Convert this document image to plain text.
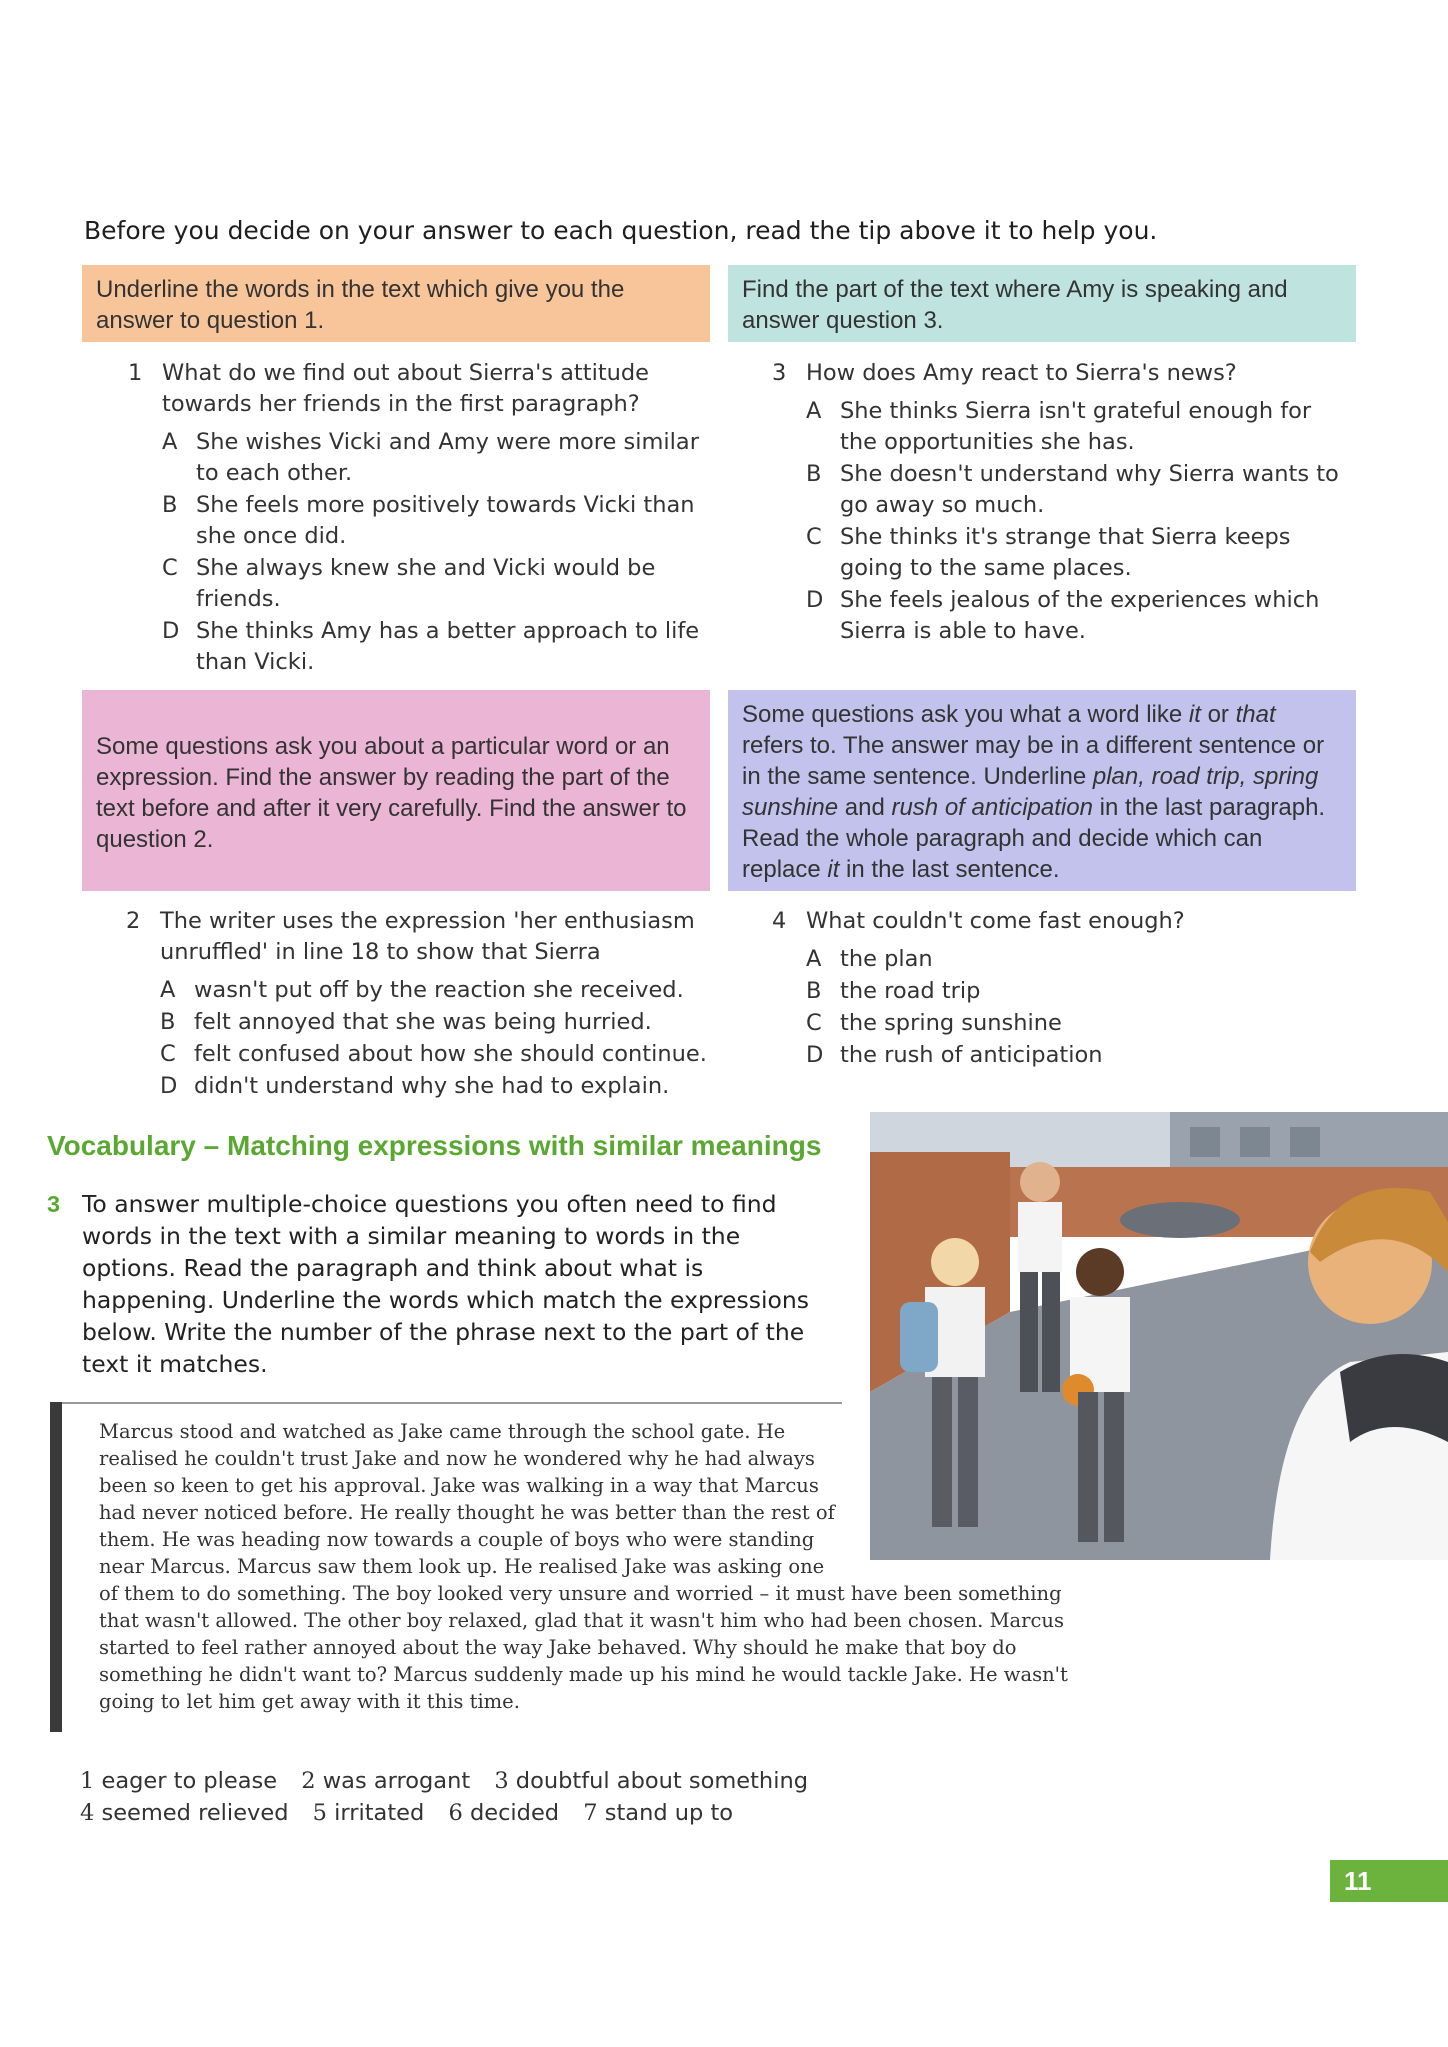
Before you decide on your answer to each question, read the tip above it to help you.
Underline the words in the text which give you the answer to question 1.
Find the part of the text where Amy is speaking and answer question 3.
1 What do we find out about Sierra's attitude towards her friends in the first paragraph?
A She wishes Vicki and Amy were more similar to each other.
B She feels more positively towards Vicki than she once did.
C She always knew she and Vicki would be friends.
D She thinks Amy has a better approach to life than Vicki.
3 How does Amy react to Sierra's news?
A She thinks Sierra isn't grateful enough for the opportunities she has.
B She doesn't understand why Sierra wants to go away so much.
C She thinks it's strange that Sierra keeps going to the same places.
D She feels jealous of the experiences which Sierra is able to have.
Some questions ask you about a particular word or an expression. Find the answer by reading the part of the text before and after it very carefully. Find the answer to question 2.
Some questions ask you what a word like it or that refers to. The answer may be in a different sentence or in the same sentence. Underline plan, road trip, spring sunshine and rush of anticipation in the last paragraph. Read the whole paragraph and decide which can replace it in the last sentence.
2 The writer uses the expression 'her enthusiasm unruffled' in line 18 to show that Sierra
A wasn't put off by the reaction she received.
B felt annoyed that she was being hurried.
C felt confused about how she should continue.
D didn't understand why she had to explain.
4 What couldn't come fast enough?
A the plan
B the road trip
C the spring sunshine
D the rush of anticipation
Vocabulary – Matching expressions with similar meanings
3 To answer multiple-choice questions you often need to find words in the text with a similar meaning to words in the options. Read the paragraph and think about what is happening. Underline the words which match the expressions below. Write the number of the phrase next to the part of the text it matches.
Marcus stood and watched as Jake came through the school gate. He
realised he couldn't trust Jake and now he wondered why he had always
been so keen to get his approval. Jake was walking in a way that Marcus
had never noticed before. He really thought he was better than the rest of
them. He was heading now towards a couple of boys who were standing
near Marcus. Marcus saw them look up. He realised Jake was asking one
of them to do something. The boy looked very unsure and worried – it must have been something
that wasn't allowed. The other boy relaxed, glad that it wasn't him who had been chosen. Marcus
started to feel rather annoyed about the way Jake behaved. Why should he make that boy do
something he didn't want to? Marcus suddenly made up his mind he would tackle Jake. He wasn't
going to let him get away with it this time.
1 eager to please 2 was arrogant 3 doubtful about something
4 seemed relieved 5 irritated 6 decided 7 stand up to
11
